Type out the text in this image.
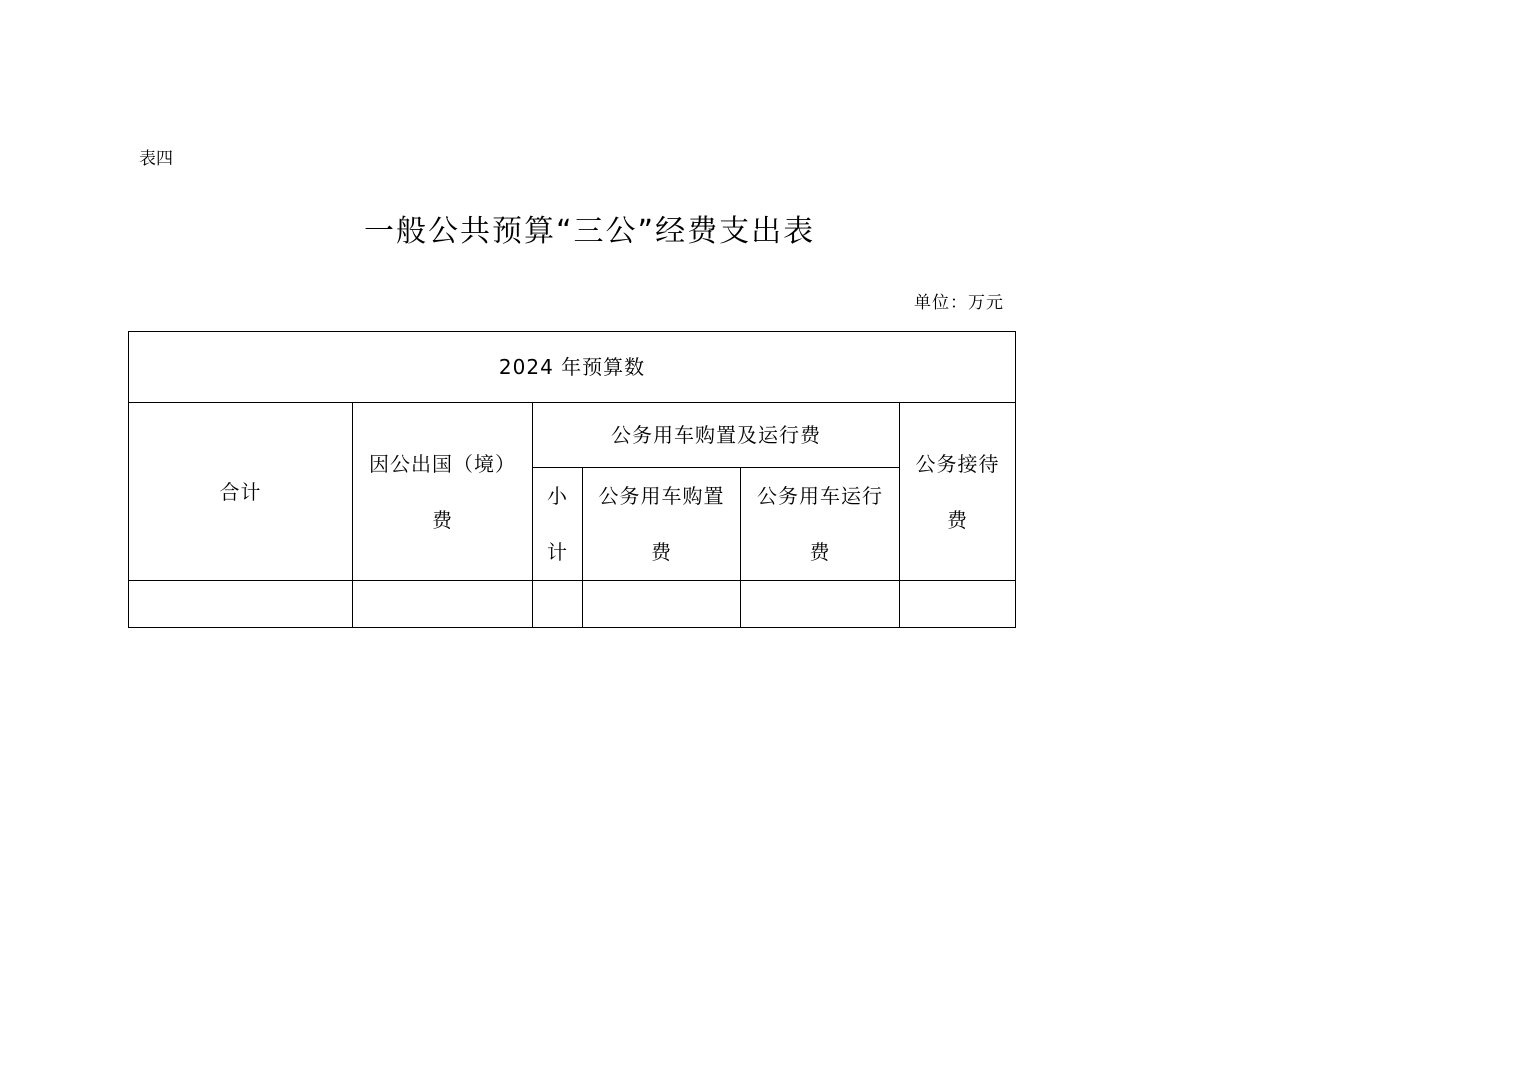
表四
一般公共预算“三公”经费支出表
单位：万元
2024 年预算数					
合计	因公出国（境）费	公务用车购置及运行费			公务接待费
		小计	公务用车购置费	公务用车运行费	
